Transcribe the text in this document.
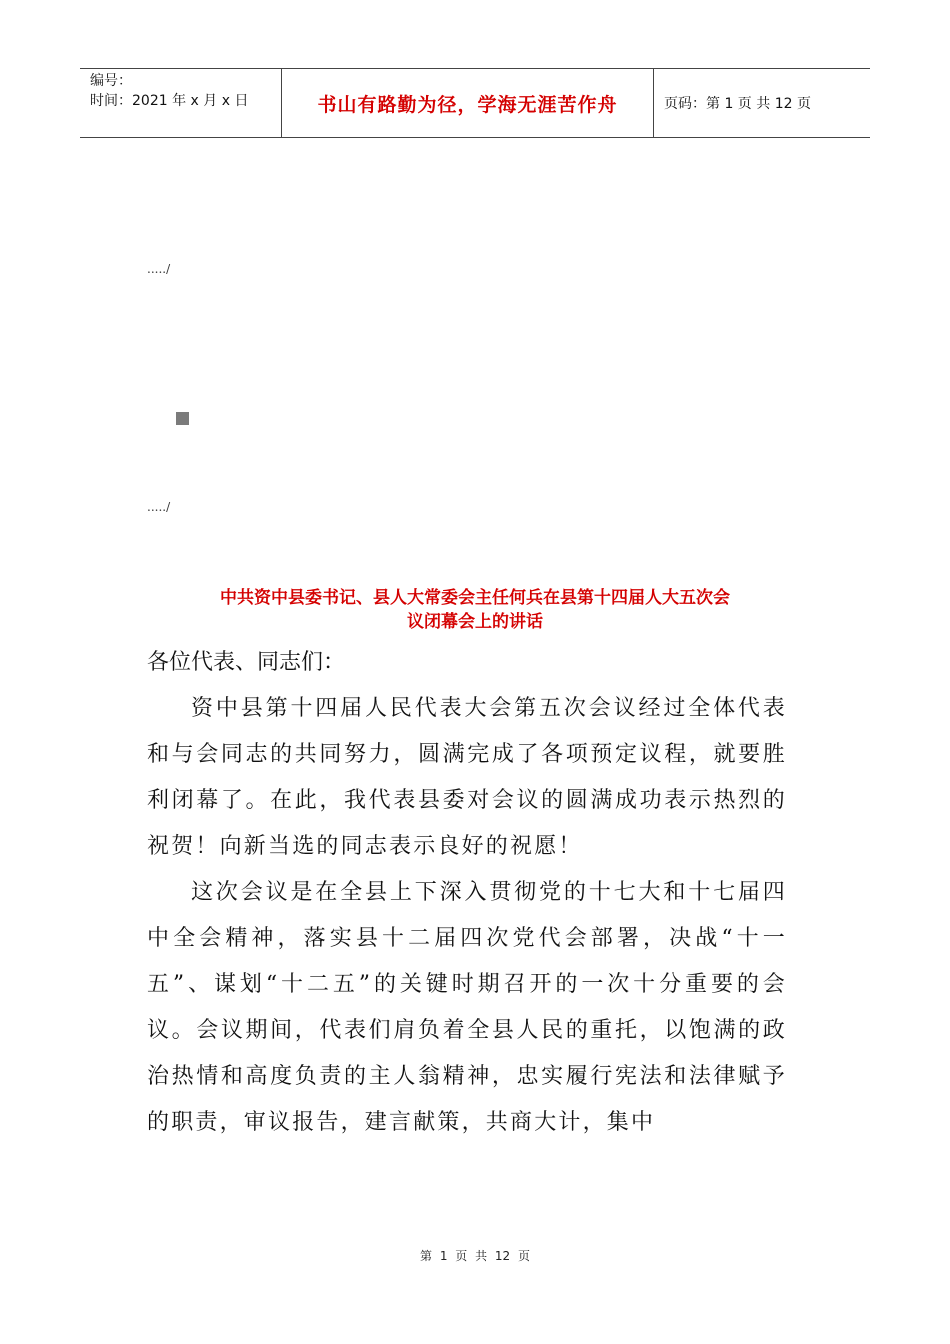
编号：
时间：2021 年 x 月 x 日	书山有路勤为径，学海无涯苦作舟	页码：第 1 页 共 12 页
...../
...../
中共资中县委书记、县人大常委会主任何兵在县第十四届人大五次会
议闭幕会上的讲话

各位代表、同志们：

资中县第十四届人民代表大会第五次会议经过全体代表和与会同志的共同努力，圆满完成了各项预定议程，就要胜利闭幕了。在此，我代表县委对会议的圆满成功表示热烈的祝贺！向新当选的同志表示良好的祝愿！

这次会议是在全县上下深入贯彻党的十七大和十七届四中全会精神，落实县十二届四次党代会部署，决战“十一五”、谋划“十二五”的关键时期召开的一次十分重要的会议。会议期间，代表们肩负着全县人民的重托，以饱满的政治热情和高度负责的主人翁精神，忠实履行宪法和法律赋予的职责，审议报告，建言献策，共商大计，集中

第 1 页 共 12 页
